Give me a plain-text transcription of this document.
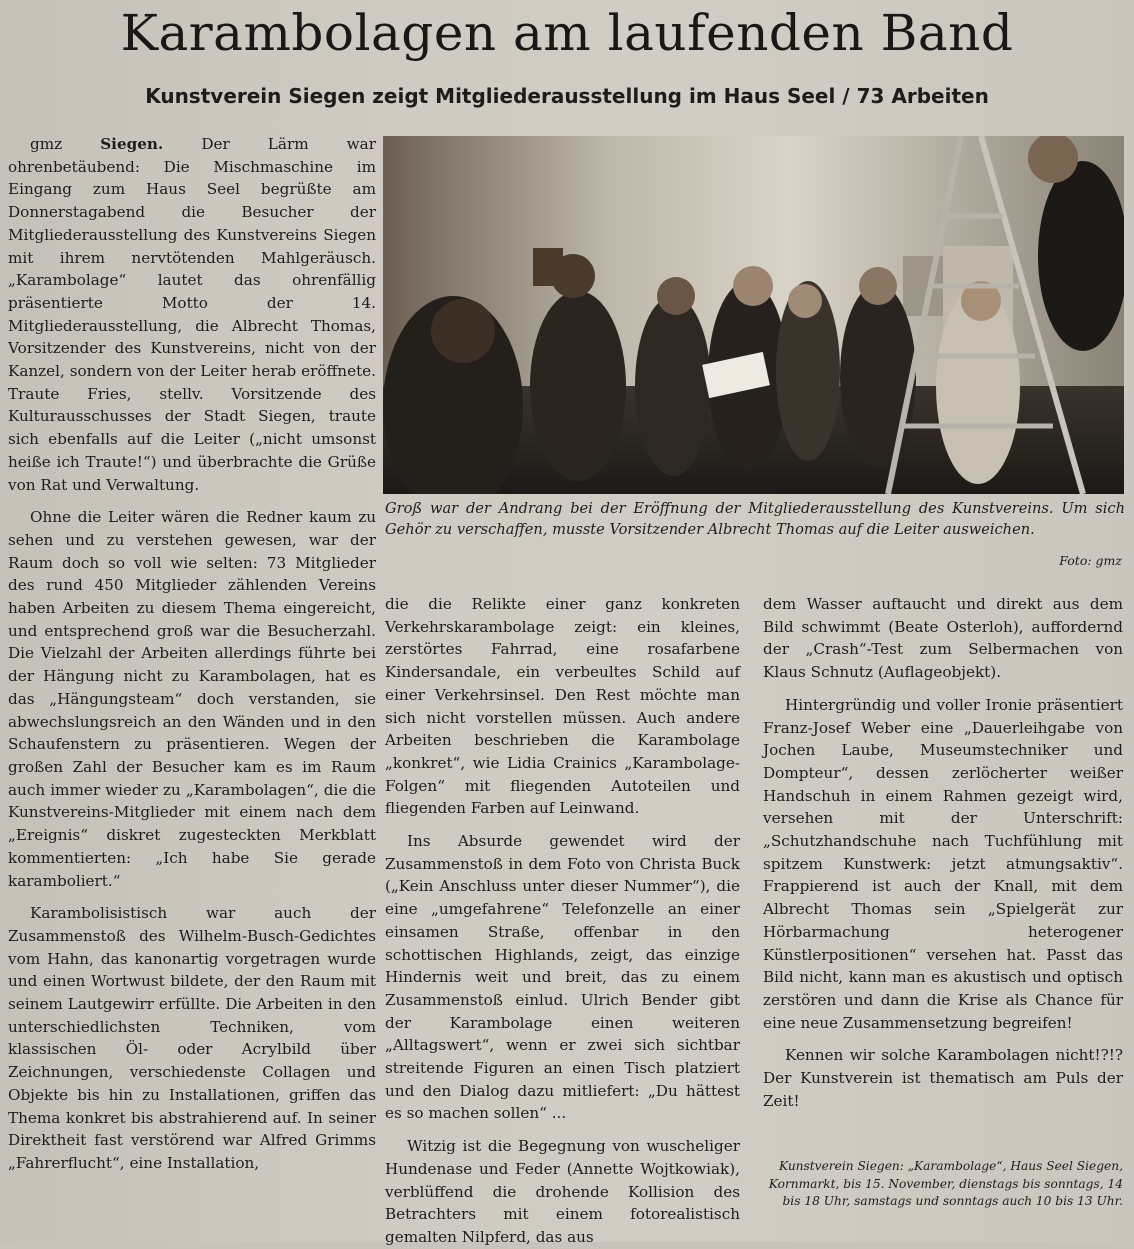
Karambolagen am laufenden Band
Kunstverein Siegen zeigt Mitgliederausstellung im Haus Seel / 73 Arbeiten

gmz	Siegen.	Der Lärm war ohrenbetäubend: Die Mischmaschine im Eingang zum Haus Seel begrüßte am Donnerstagabend die Besucher der Mitgliederausstellung des Kunstvereins Siegen mit ihrem nervtötenden Mahlgeräusch. „Karambolage“ lautet das ohrenfällig präsentierte Motto der 14. Mitgliederausstellung, die Albrecht Thomas, Vorsitzender des Kunstvereins, nicht von der Kanzel, sondern von der Leiter herab eröffnete. Traute Fries, stellv. Vorsitzende des Kulturausschusses der Stadt Siegen, traute sich ebenfalls auf die Leiter („nicht umsonst heiße ich Traute!“) und überbrachte die Grüße von Rat und Verwaltung.

Ohne die Leiter wären die Redner kaum zu sehen und zu verstehen gewesen, war der Raum doch so voll wie selten: 73 Mitglieder des rund 450 Mitglieder zählenden Vereins haben Arbeiten zu diesem Thema eingereicht, und entsprechend groß war die Besucherzahl. Die Vielzahl der Arbeiten allerdings führte bei der Hängung nicht zu Karambolagen, hat es das „Hängungsteam“ doch verstanden, sie abwechslungsreich an den Wänden und in den Schaufenstern zu präsentieren. Wegen der großen Zahl der Besucher kam es im Raum auch immer wieder zu „Karambolagen“, die die Kunstvereins-Mitglieder mit einem nach dem „Ereignis“ diskret zugesteckten Merkblatt kommentierten: „Ich habe Sie gerade karamboliert.“

Karambolisistisch war auch der Zusammenstoß des Wilhelm-Busch-Gedichtes vom Hahn, das kanonartig vorgetragen wurde und einen Wortwust bildete, der den Raum mit seinem Lautgewirr erfüllte. Die Arbeiten in den unterschiedlichsten Techniken, vom klassischen Öl- oder Acrylbild über Zeichnungen, verschiedenste Collagen und Objekte bis hin zu Installationen, griffen das Thema konkret bis abstrahierend auf. In seiner Direktheit fast verstörend war Alfred Grimms „Fahrerflucht“, eine Installation,

Groß war der Andrang bei der Eröffnung der Mitgliederausstellung des Kunstvereins. Um sich Gehör zu verschaffen, musste Vorsitzender Albrecht Thomas auf die Leiter ausweichen.

Foto: gmz

die die Relikte einer ganz konkreten Verkehrskarambolage zeigt: ein kleines, zerstörtes Fahrrad, eine rosafarbene Kindersandale, ein verbeultes Schild auf einer Verkehrsinsel. Den Rest möchte man sich nicht vorstellen müssen. Auch andere Arbeiten beschrieben die Karambolage „konkret“, wie Lidia Crainics „Karambolage-Folgen“ mit fliegenden Autoteilen und fliegenden Farben auf Leinwand.

Ins Absurde gewendet wird der Zusammenstoß in dem Foto von Christa Buck („Kein Anschluss unter dieser Nummer“), die eine „umgefahrene“ Telefonzelle an einer einsamen Straße, offenbar in den schottischen Highlands, zeigt, das einzige Hindernis weit und breit, das zu einem Zusammenstoß einlud. Ulrich Bender gibt der Karambolage einen weiteren „Alltagswert“, wenn er zwei sich sichtbar streitende Figuren an einen Tisch platziert und den Dialog dazu mitliefert: „Du hättest es so machen sollen“ ...

Witzig ist die Begegnung von wuscheliger Hundenase und Feder (Annette Wojtkowiak), verblüffend die drohende Kollision des Betrachters mit einem fotorealistisch gemalten Nilpferd, das aus

dem Wasser auftaucht und direkt aus dem Bild schwimmt (Beate Osterloh), auffordernd der „Crash“-Test zum Selbermachen von Klaus Schnutz (Auflageobjekt).

Hintergründig und voller Ironie präsentiert Franz-Josef Weber eine „Dauerleihgabe von Jochen Laube, Museumstechniker und Dompteur“, dessen zerlöcherter weißer Handschuh in einem Rahmen gezeigt wird, versehen mit der Unterschrift: „Schutzhandschuhe nach Tuchfühlung mit spitzem Kunstwerk: jetzt atmungsaktiv“. Frappierend ist auch der Knall, mit dem Albrecht Thomas sein „Spielgerät zur Hörbarmachung heterogener Künstlerpositionen“ versehen hat. Passt das Bild nicht, kann man es akustisch und optisch zerstören und dann die Krise als Chance für eine neue Zusammensetzung begreifen!

Kennen wir solche Karambolagen nicht!?!? Der Kunstverein ist thematisch am Puls der Zeit!

Kunstverein Siegen: „Karambolage“, Haus Seel Siegen, Kornmarkt, bis 15. November, dienstags bis sonntags, 14 bis 18 Uhr, samstags und sonntags auch 10 bis 13 Uhr.
